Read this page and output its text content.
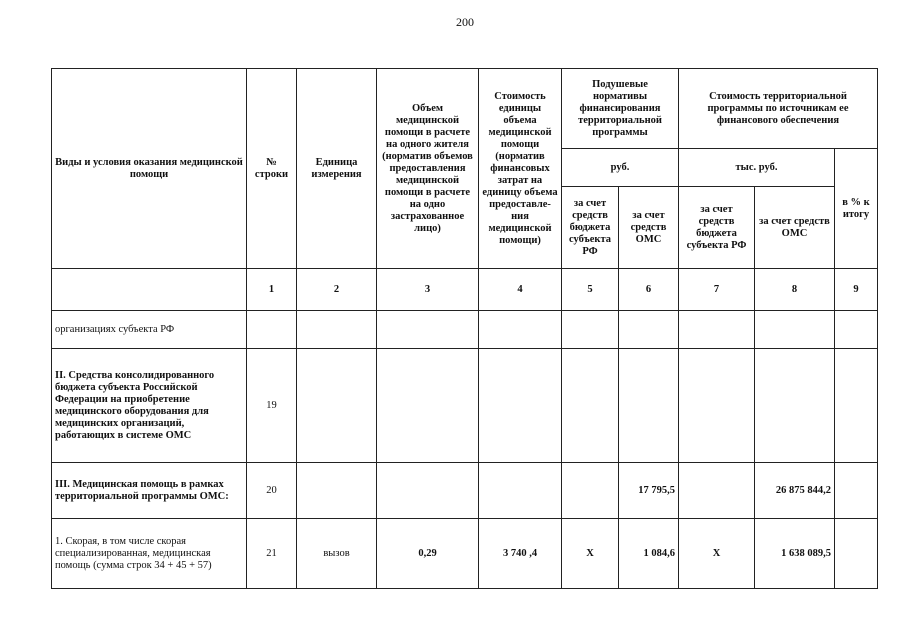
200
Виды и условия оказания медицинской помощи	№ строки	Единица измерения	Объем медицинской помощи в расчете на одного жителя (норматив объемов предоставления медицинской помощи в расчете на одно застрахованное лицо)	Стоимость единицы объема медицинской помощи (норматив финансовых затрат на единицу объема предоставле-ния медицинской помощи)	Подушевые нормативы финансирования территориальной программы		Стоимость территориальной программы по источникам ее финансового обеспечения		
					руб.		тыс. руб.		в % к итогу
					за счет средств бюджета субъекта РФ	за счет средств ОМС	за счет средств бюджета субъекта РФ	за счет средств ОМС	
	1	2	3	4	5	6	7	8	9
организациях субъекта РФ									
II. Средства консолидированного бюджета субъекта Российской Федерации на приобретение медицинского оборудования для медицинских организаций, работающих в системе ОМС	19								
III. Медицинская помощь в рамках территориальной программы ОМС:	20					17 795,5		26 875 844,2	
1. Скорая, в том числе скорая специализированная, медицинская помощь (сумма строк 34 + 45 + 57)	21	вызов	0,29	3 740 ,4	Х	1 084,6	Х	1 638 089,5	
